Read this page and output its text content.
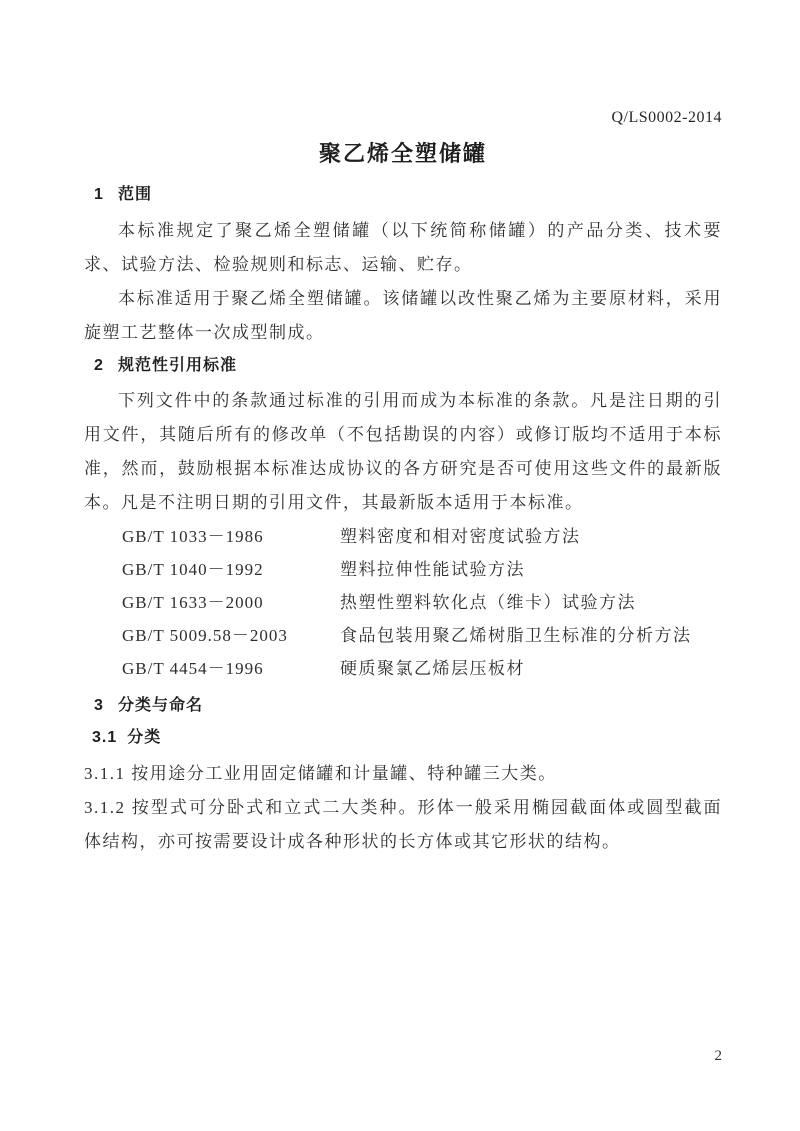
Q/LS0002-2014
聚乙烯全塑储罐
1 范围

本标准规定了聚乙烯全塑储罐（以下统简称储罐）的产品分类、技术要求、试验方法、检验规则和标志、运输、贮存。

本标准适用于聚乙烯全塑储罐。该储罐以改性聚乙烯为主要原材料，采用旋塑工艺整体一次成型制成。

2 规范性引用标准

下列文件中的条款通过标准的引用而成为本标准的条款。凡是注日期的引用文件，其随后所有的修改单（不包括勘误的内容）或修订版均不适用于本标准，然而，鼓励根据本标准达成协议的各方研究是否可使用这些文件的最新版本。凡是不注明日期的引用文件，其最新版本适用于本标准。

GB/T 1033－1986	塑料密度和相对密度试验方法
GB/T 1040－1992	塑料拉伸性能试验方法
GB/T 1633－2000	热塑性塑料软化点（维卡）试验方法
GB/T 5009.58－2003	食品包装用聚乙烯树脂卫生标准的分析方法
GB/T 4454－1996	硬质聚氯乙烯层压板材
3 分类与命名
3.1 分类

3.1.1 按用途分工业用固定储罐和计量罐、特种罐三大类。

3.1.2 按型式可分卧式和立式二大类种。形体一般采用椭园截面体或圆型截面体结构，亦可按需要设计成各种形状的长方体或其它形状的结构。

2
